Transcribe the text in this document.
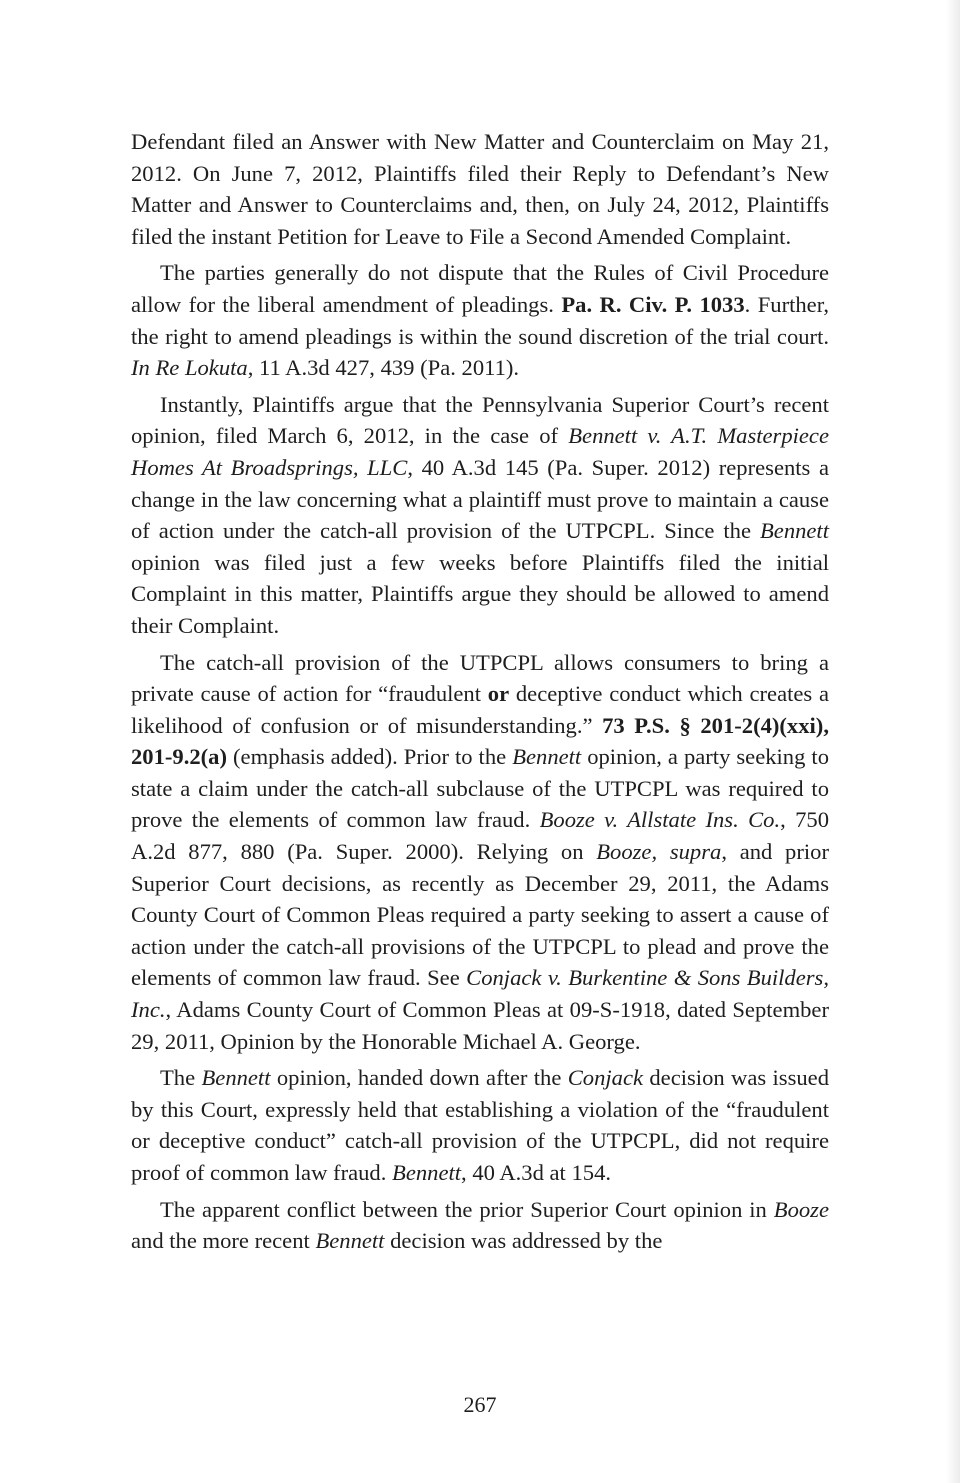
Defendant filed an Answer with New Matter and Counterclaim on May 21, 2012. On June 7, 2012, Plaintiffs filed their Reply to Defendant’s New Matter and Answer to Counterclaims and, then, on July 24, 2012, Plaintiffs filed the instant Petition for Leave to File a Second Amended Complaint.

The parties generally do not dispute that the Rules of Civil Procedure allow for the liberal amendment of pleadings. Pa. R. Civ. P. 1033. Further, the right to amend pleadings is within the sound discretion of the trial court. In Re Lokuta, 11 A.3d 427, 439 (Pa. 2011).

Instantly, Plaintiffs argue that the Pennsylvania Superior Court’s recent opinion, filed March 6, 2012, in the case of Bennett v. A.T. Masterpiece Homes At Broadsprings, LLC, 40 A.3d 145 (Pa. Super. 2012) represents a change in the law concerning what a plaintiff must prove to maintain a cause of action under the catch-all provision of the UTPCPL. Since the Bennett opinion was filed just a few weeks before Plaintiffs filed the initial Complaint in this matter, Plaintiffs argue they should be allowed to amend their Complaint.

The catch-all provision of the UTPCPL allows consumers to bring a private cause of action for “fraudulent or deceptive conduct which creates a likelihood of confusion or of misunderstanding.” 73 P.S. § 201-2(4)(xxi), 201-9.2(a) (emphasis added). Prior to the Bennett opinion, a party seeking to state a claim under the catch-all subclause of the UTPCPL was required to prove the elements of common law fraud. Booze v. Allstate Ins. Co., 750 A.2d 877, 880 (Pa. Super. 2000). Relying on Booze, supra, and prior Superior Court decisions, as recently as December 29, 2011, the Adams County Court of Common Pleas required a party seeking to assert a cause of action under the catch-all provisions of the UTPCPL to plead and prove the elements of common law fraud. See Conjack v. Burkentine & Sons Builders, Inc., Adams County Court of Common Pleas at 09-S-1918, dated September 29, 2011, Opinion by the Honorable Michael A. George.

The Bennett opinion, handed down after the Conjack decision was issued by this Court, expressly held that establishing a violation of the “fraudulent or deceptive conduct” catch-all provision of the UTPCPL, did not require proof of common law fraud. Bennett, 40 A.3d at 154.

The apparent conflict between the prior Superior Court opinion in Booze and the more recent Bennett decision was addressed by the

267
